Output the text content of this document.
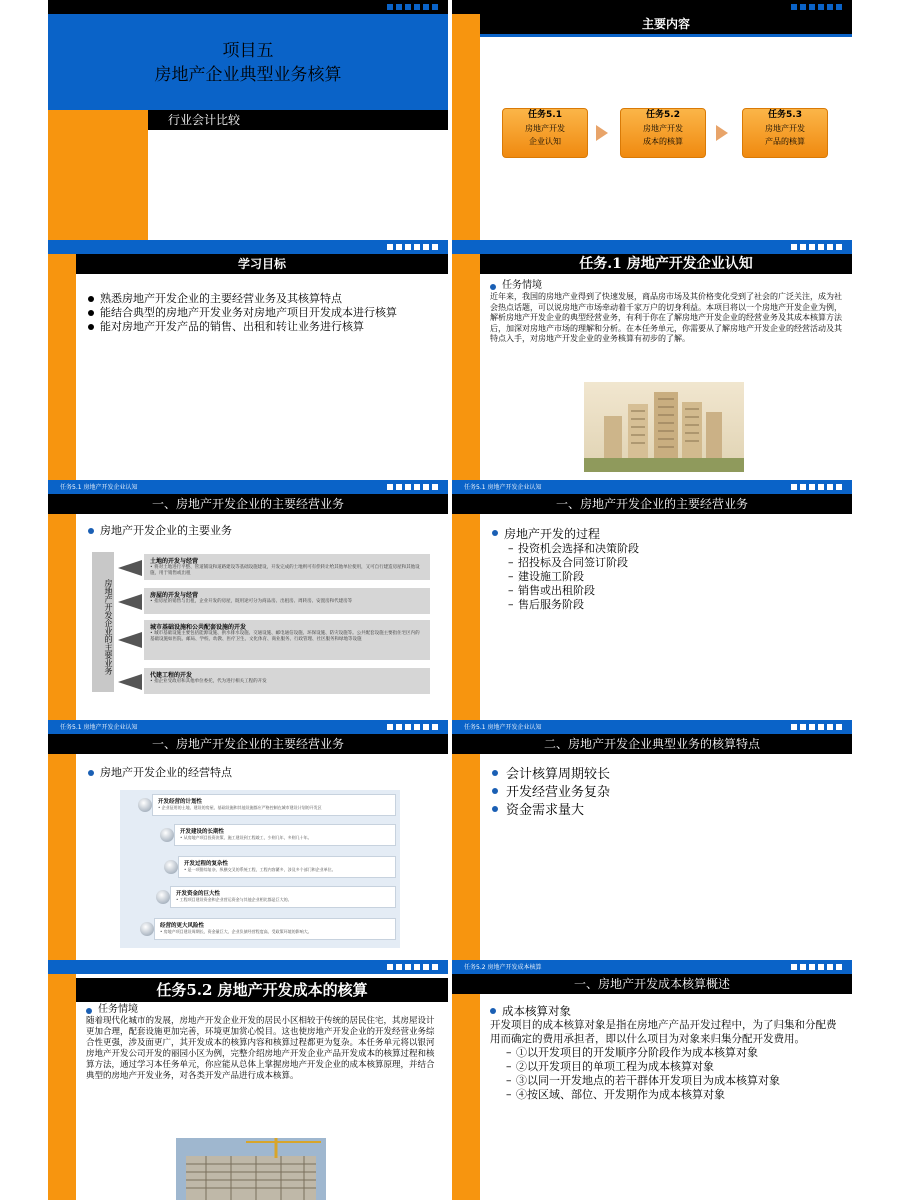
项目五
房地产企业典型业务核算
行业会计比较
主要内容
任务5.1
房地产开发
企业认知
任务5.2
房地产开发
成本的核算
任务5.3
房地产开发
产品的核算
学习目标
熟悉房地产开发企业的主要经营业务及其核算特点
能结合典型的房地产开发业务对房地产项目开发成本进行核算
能对房地产开发产品的销售、出租和转让业务进行核算
任务.1 房地产开发企业认知
任务情境
近年来，我国的房地产业得到了快速发展，商品房市场及其价格变化受到了社会的广泛关注，成为社会热点话题，可以说房地产市场牵动着千家万户的切身利益。本项目将以一个房地产开发企业为例，解析房地产开发企业的典型经营业务，有利于你在了解房地产开发企业的经营业务及其成本核算方法后，加深对房地产市场的理解和分析。在本任务单元，你需要从了解房地产开发企业的经营活动及其特点入手，对房地产开发企业的业务核算有初步的了解。
任务5.1 房地产开发企业认知
一、房地产开发企业的主要经营业务
房地产开发企业的主要业务
房地产开发企业的主要业务
土地的开发与经营
• 将对土地进行平整、管道铺设和道路建设等基础设施建设，开发完成的土地则可有偿转让给其他单位使用，又可自行建造房屋和其他设施，用于销售或出租
房屋的开发与经营
• 指房屋的销售与出租，企业开发的房屋，既用途可分为商品房、出租房、周转房、安置房和代建房等
城市基础设施和公共配套设施的开发
• 城市基础设施主要包括能源设施、供水排水设施、交通设施、邮电通信设施、环保设施、防灾设施等。公共配套设施主要指住宅区内的基础设施如医院、邮局、学校、幼教、医疗卫生、文化体育、商业服务、行政管理、社区服务和绿地等设施
代建工程的开发
• 指企业受政府和其他单位委托，代为进行相关工程的开发
任务5.1 房地产开发企业认知
一、房地产开发企业的主要经营业务
房地产开发的过程
– 投资机会选择和决策阶段
– 招投标及合同签订阶段
– 建设施工阶段
– 销售或出租阶段
– 售后服务阶段
任务5.1 房地产开发企业认知
一、房地产开发企业的主要经营业务
房地产开发企业的经营特点
开发经营的计划性
• 企业征用的土地、建设的房屋、基础设施和其他设施都应严格控制在城市建设计划的开发区
开发建设的长期性
• 从房地产项目投资决策、施工建设到工程竣工，少则几年，多则几十年。
开发过程的复杂性
• 是一项错综复杂、纵横交叉的系统工程，工程内容繁多，涉及多个部门和企业单位。
开发资金的巨大性
• 工程项目建设资金和企业营运资金与其他企业相比都是巨大的。
经营的更大风险性
• 房地产项目建设周期长、资金量巨大、企业负债经营程度高、受政策环境的影响大。
任务5.1 房地产开发企业认知
二、房地产开发企业典型业务的核算特点
会计核算周期较长
开发经营业务复杂
资金需求量大
任务5.2 房地产开发成本的核算
任务情境
随着现代化城市的发展，房地产开发企业开发的居民小区相较于传统的居民住宅，其房屋设计更加合理，配套设施更加完善，环境更加赏心悦目。这也使房地产开发企业的开发经营业务综合性更强，涉及面更广，其开发成本的核算内容和核算过程都更为复杂。本任务单元将以银河房地产开发公司开发的丽园小区为例，完整介绍房地产开发企业产品开发成本的核算过程和核算方法，通过学习本任务单元，你应能从总体上掌握房地产开发企业的成本核算原理，并结合典型的房地产开发业务，对各类开发产品进行成本核算。
任务5.2 房地产开发成本核算
一、房地产开发成本核算概述
成本核算对象
开发项目的成本核算对象是指在房地产产品开发过程中，为了归集和分配费用而确定的费用承担者，即以什么项目为对象来归集分配开发费用。
– ①以开发项目的开发顺序分阶段作为成本核算对象
– ②以开发项目的单项工程为成本核算对象
– ③以同一开发地点的若干群体开发项目为成本核算对象
– ④按区域、部位、开发期作为成本核算对象
